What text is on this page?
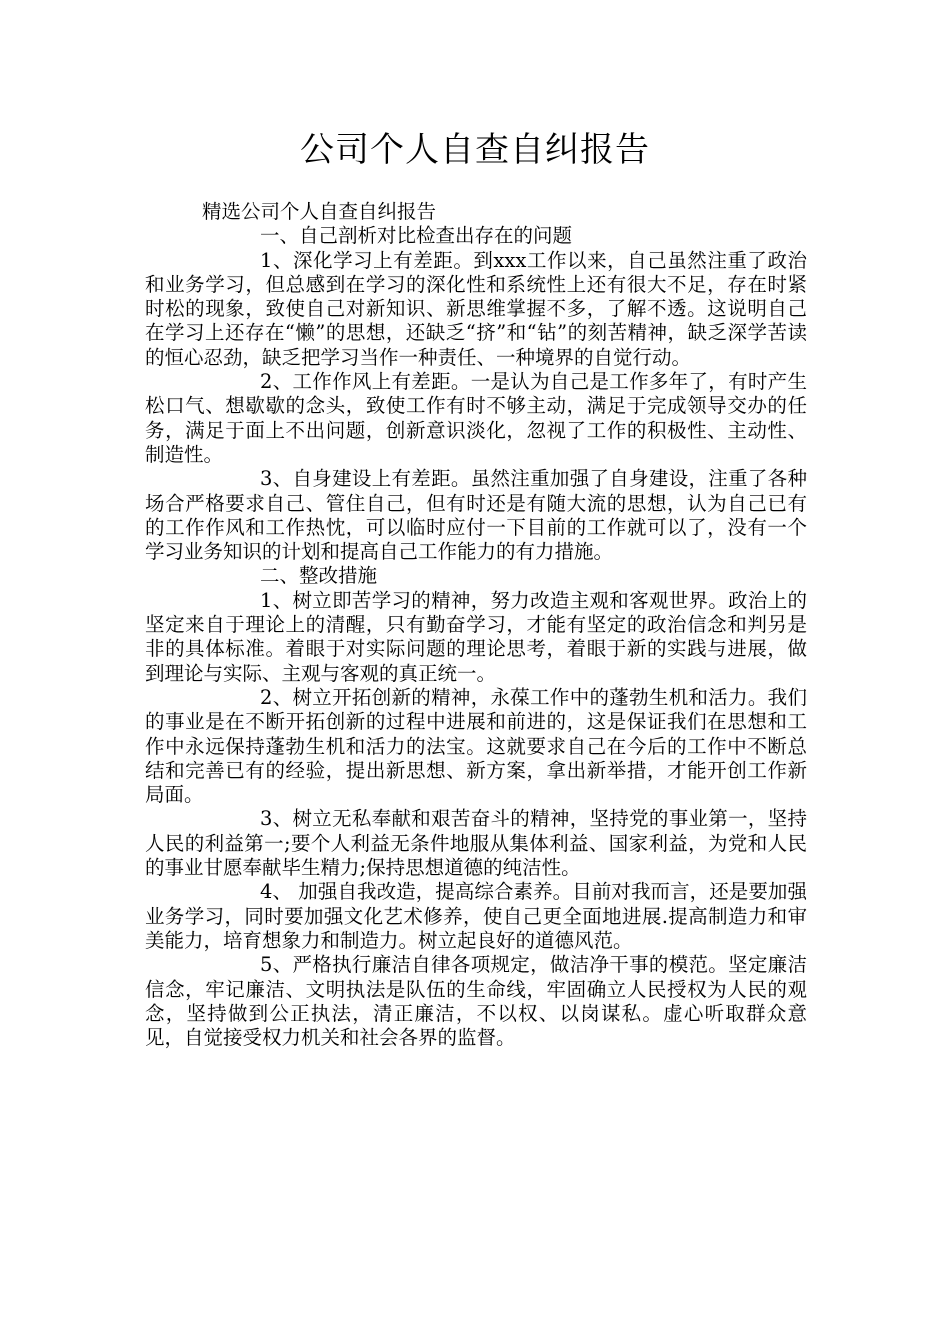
公司个人自查自纠报告

精选公司个人自查自纠报告

一、自己剖析对比检查出存在的问题

1、深化学习上有差距。到xxx工作以来，自己虽然注重了政治和业务学习，但总感到在学习的深化性和系统性上还有很大不足，存在时紧时松的现象，致使自己对新知识、新思维掌握不多，了解不透。这说明自己在学习上还存在“懒”的思想，还缺乏“挤”和“钻”的刻苦精神，缺乏深学苦读的恒心忍劲，缺乏把学习当作一种责任、一种境界的自觉行动。

2、工作作风上有差距。一是认为自己是工作多年了，有时产生松口气、想歇歇的念头，致使工作有时不够主动，满足于完成领导交办的任务，满足于面上不出问题，创新意识淡化，忽视了工作的积极性、主动性、制造性。

3、自身建设上有差距。虽然注重加强了自身建设，注重了各种场合严格要求自己、管住自己，但有时还是有随大流的思想，认为自己已有的工作作风和工作热忱，可以临时应付一下目前的工作就可以了，没有一个学习业务知识的计划和提高自己工作能力的有力措施。

二、整改措施

1、树立即苦学习的精神，努力改造主观和客观世界。政治上的坚定来自于理论上的清醒，只有勤奋学习，才能有坚定的政治信念和判另是非的具体标准。着眼于对实际问题的理论思考，着眼于新的实践与进展，做到理论与实际、主观与客观的真正统一。

2、树立开拓创新的精神，永葆工作中的蓬勃生机和活力。我们的事业是在不断开拓创新的过程中进展和前进的，这是保证我们在思想和工作中永远保持蓬勃生机和活力的法宝。这就要求自己在今后的工作中不断总结和完善已有的经验，提出新思想、新方案，拿出新举措，才能开创工作新局面。

3、树立无私奉献和艰苦奋斗的精神，坚持党的事业第一，坚持人民的利益第一;要个人利益无条件地服从集体利益、国家利益，为党和人民的事业甘愿奉献毕生精力;保持思想道德的纯洁性。

4、 加强自我改造，提高综合素养。目前对我而言，还是要加强业务学习，同时要加强文化艺术修养，使自己更全面地进展.提高制造力和审美能力，培育想象力和制造力。树立起良好的道德风范。

5、严格执行廉洁自律各项规定，做洁净干事的模范。坚定廉洁信念，牢记廉洁、文明执法是队伍的生命线，牢固确立人民授权为人民的观念，坚持做到公正执法，清正廉洁，不以权、以岗谋私。虚心听取群众意见，自觉接受权力机关和社会各界的监督。
